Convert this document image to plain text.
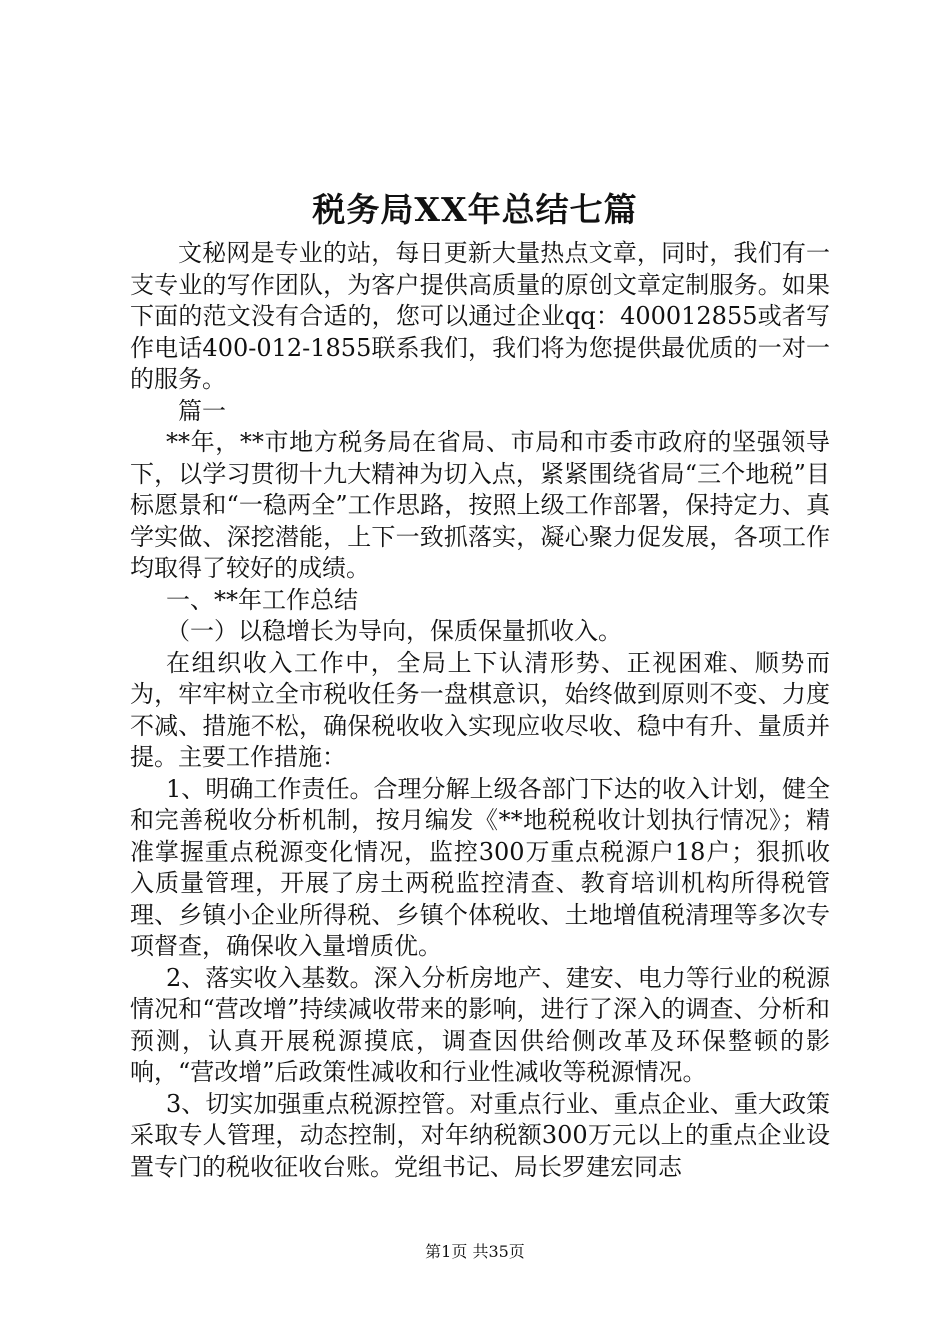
税务局XX年总结七篇

文秘网是专业的站，每日更新大量热点文章，同时，我们有一支专业的写作团队，为客户提供高质量的原创文章定制服务。如果下面的范文没有合适的，您可以通过企业qq：400012855或者写作电话400-012-1855联系我们，我们将为您提供最优质的一对一的服务。

篇一

**年，**市地方税务局在省局、市局和市委市政府的坚强领导下，以学习贯彻十九大精神为切入点，紧紧围绕省局“三个地税”目标愿景和“一稳两全”工作思路，按照上级工作部署，保持定力、真学实做、深挖潜能，上下一致抓落实，凝心聚力促发展，各项工作均取得了较好的成绩。

一、**年工作总结

（一）以稳增长为导向，保质保量抓收入。

在组织收入工作中，全局上下认清形势、正视困难、顺势而为，牢牢树立全市税收任务一盘棋意识，始终做到原则不变、力度不减、措施不松，确保税收收入实现应收尽收、稳中有升、量质并提。主要工作措施：

1、明确工作责任。合理分解上级各部门下达的收入计划，健全和完善税收分析机制，按月编发《**地税税收计划执行情况》；精准掌握重点税源变化情况，监控300万重点税源户18户；狠抓收入质量管理，开展了房土两税监控清查、教育培训机构所得税管理、乡镇小企业所得税、乡镇个体税收、土地增值税清理等多次专项督查，确保收入量增质优。

2、落实收入基数。深入分析房地产、建安、电力等行业的税源情况和“营改增”持续减收带来的影响，进行了深入的调查、分析和预测，认真开展税源摸底，调查因供给侧改革及环保整顿的影响，“营改增”后政策性减收和行业性减收等税源情况。

3、切实加强重点税源控管。对重点行业、重点企业、重大政策采取专人管理，动态控制，对年纳税额300万元以上的重点企业设置专门的税收征收台账。党组书记、局长罗建宏同志

第1页 共35页
